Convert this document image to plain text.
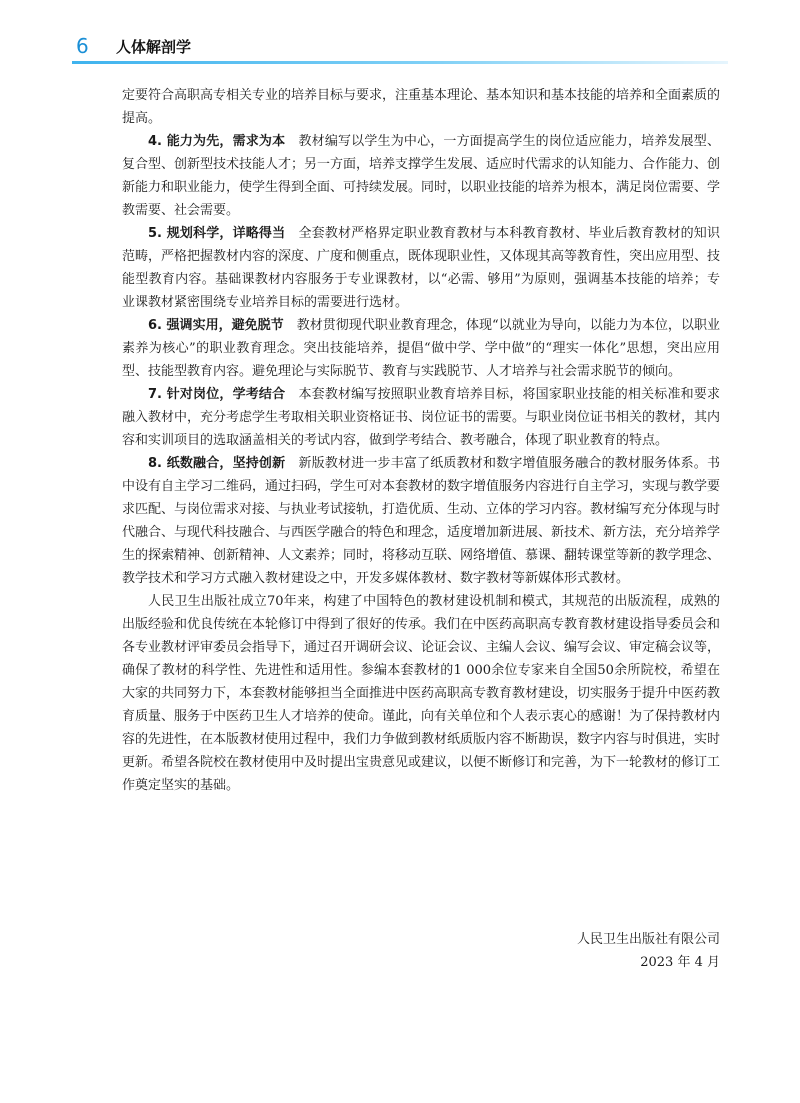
6 人体解剖学

定要符合高职高专相关专业的培养目标与要求，注重基本理论、基本知识和基本技能的培养和全面素质的提高。

4. 能力为先，需求为本　教材编写以学生为中心，一方面提高学生的岗位适应能力，培养发展型、复合型、创新型技术技能人才；另一方面，培养支撑学生发展、适应时代需求的认知能力、合作能力、创新能力和职业能力，使学生得到全面、可持续发展。同时，以职业技能的培养为根本，满足岗位需要、学教需要、社会需要。

5. 规划科学，详略得当　全套教材严格界定职业教育教材与本科教育教材、毕业后教育教材的知识范畴，严格把握教材内容的深度、广度和侧重点，既体现职业性，又体现其高等教育性，突出应用型、技能型教育内容。基础课教材内容服务于专业课教材，以“必需、够用”为原则，强调基本技能的培养；专业课教材紧密围绕专业培养目标的需要进行选材。

6. 强调实用，避免脱节　教材贯彻现代职业教育理念，体现“以就业为导向，以能力为本位，以职业素养为核心”的职业教育理念。突出技能培养，提倡“做中学、学中做”的“理实一体化”思想，突出应用型、技能型教育内容。避免理论与实际脱节、教育与实践脱节、人才培养与社会需求脱节的倾向。

7. 针对岗位，学考结合　本套教材编写按照职业教育培养目标，将国家职业技能的相关标准和要求融入教材中，充分考虑学生考取相关职业资格证书、岗位证书的需要。与职业岗位证书相关的教材，其内容和实训项目的选取涵盖相关的考试内容，做到学考结合、教考融合，体现了职业教育的特点。

8. 纸数融合，坚持创新　新版教材进一步丰富了纸质教材和数字增值服务融合的教材服务体系。书中设有自主学习二维码，通过扫码，学生可对本套教材的数字增值服务内容进行自主学习，实现与教学要求匹配、与岗位需求对接、与执业考试接轨，打造优质、生动、立体的学习内容。教材编写充分体现与时代融合、与现代科技融合、与西医学融合的特色和理念，适度增加新进展、新技术、新方法，充分培养学生的探索精神、创新精神、人文素养；同时，将移动互联、网络增值、慕课、翻转课堂等新的教学理念、教学技术和学习方式融入教材建设之中，开发多媒体教材、数字教材等新媒体形式教材。

人民卫生出版社成立70年来，构建了中国特色的教材建设机制和模式，其规范的出版流程，成熟的出版经验和优良传统在本轮修订中得到了很好的传承。我们在中医药高职高专教育教材建设指导委员会和各专业教材评审委员会指导下，通过召开调研会议、论证会议、主编人会议、编写会议、审定稿会议等，确保了教材的科学性、先进性和适用性。参编本套教材的1 000余位专家来自全国50余所院校，希望在大家的共同努力下，本套教材能够担当全面推进中医药高职高专教育教材建设，切实服务于提升中医药教育质量、服务于中医药卫生人才培养的使命。谨此，向有关单位和个人表示衷心的感谢！为了保持教材内容的先进性，在本版教材使用过程中，我们力争做到教材纸质版内容不断勘误，数字内容与时俱进，实时更新。希望各院校在教材使用中及时提出宝贵意见或建议，以便不断修订和完善，为下一轮教材的修订工作奠定坚实的基础。

人民卫生出版社有限公司
2023 年 4 月
